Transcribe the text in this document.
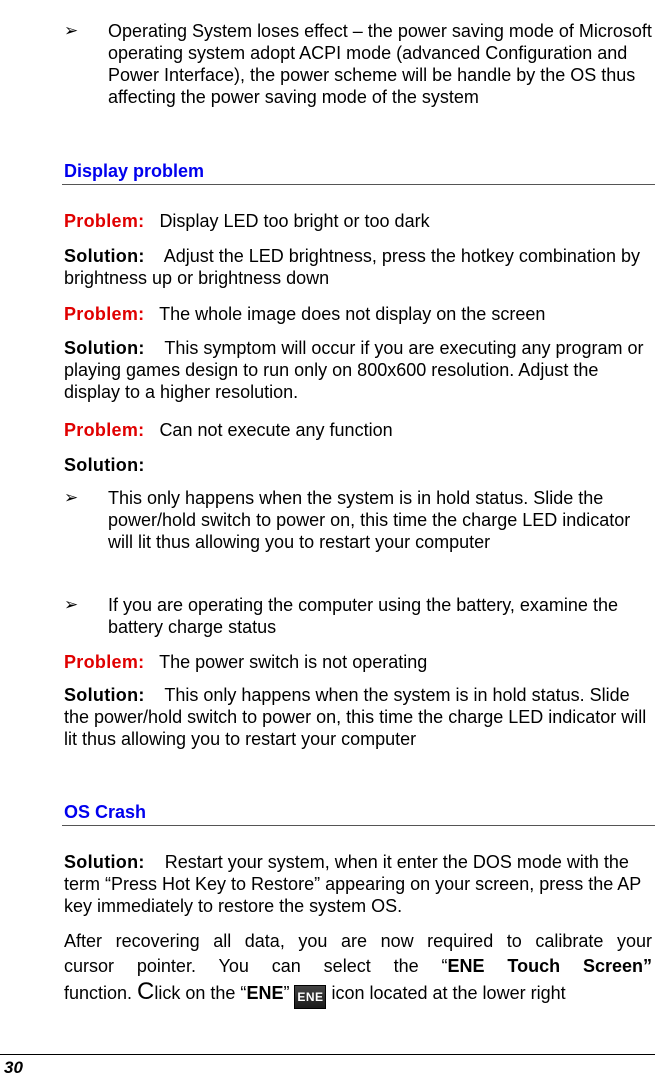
➢ Operating System loses effect – the power saving mode of Microsoft operating system adopt ACPI mode (advanced Configuration and Power Interface), the power scheme will be handle by the OS thus affecting the power saving mode of the system
Display problem
Problem: Display LED too bright or too dark
Solution: Adjust the LED brightness, press the hotkey combination by brightness up or brightness down
Problem: The whole image does not display on the screen
Solution: This symptom will occur if you are executing any program or playing games design to run only on 800x600 resolution. Adjust the display to a higher resolution.
Problem: Can not execute any function
Solution:
➢ This only happens when the system is in hold status. Slide the power/hold switch to power on, this time the charge LED indicator will lit thus allowing you to restart your computer
➢ If you are operating the computer using the battery, examine the battery charge status
Problem: The power switch is not operating
Solution: This only happens when the system is in hold status. Slide the power/hold switch to power on, this time the charge LED indicator will lit thus allowing you to restart your computer
OS Crash
Solution: Restart your system, when it enter the DOS mode with the term “Press Hot Key to Restore” appearing on your screen, press the AP key immediately to restore the system OS.
After recovering all data, you are now required to calibrate your
cursor pointer. You can select the “ENE Touch Screen”
function. Click on the “ENE” ENE icon located at the lower right
30
